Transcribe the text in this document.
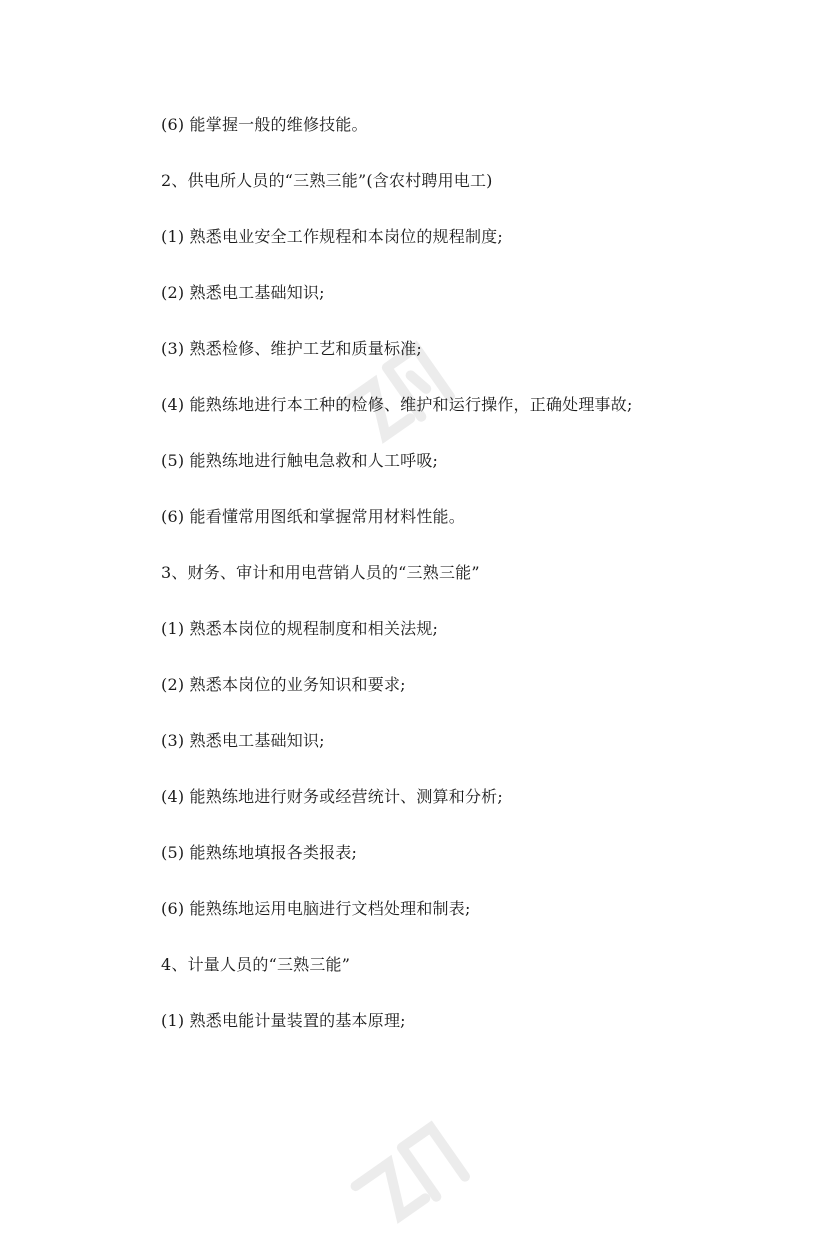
(6) 能掌握一般的维修技能。
2、供电所人员的“三熟三能”(含农村聘用电工)
(1) 熟悉电业安全工作规程和本岗位的规程制度;
(2) 熟悉电工基础知识;
(3) 熟悉检修、维护工艺和质量标准;
(4) 能熟练地进行本工种的检修、维护和运行操作，正确处理事故;
(5) 能熟练地进行触电急救和人工呼吸;
(6) 能看懂常用图纸和掌握常用材料性能。
3、财务、审计和用电营销人员的“三熟三能”
(1) 熟悉本岗位的规程制度和相关法规;
(2) 熟悉本岗位的业务知识和要求;
(3) 熟悉电工基础知识;
(4) 能熟练地进行财务或经营统计、测算和分析;
(5) 能熟练地填报各类报表;
(6) 能熟练地运用电脑进行文档处理和制表;
4、计量人员的“三熟三能”
(1) 熟悉电能计量装置的基本原理;
